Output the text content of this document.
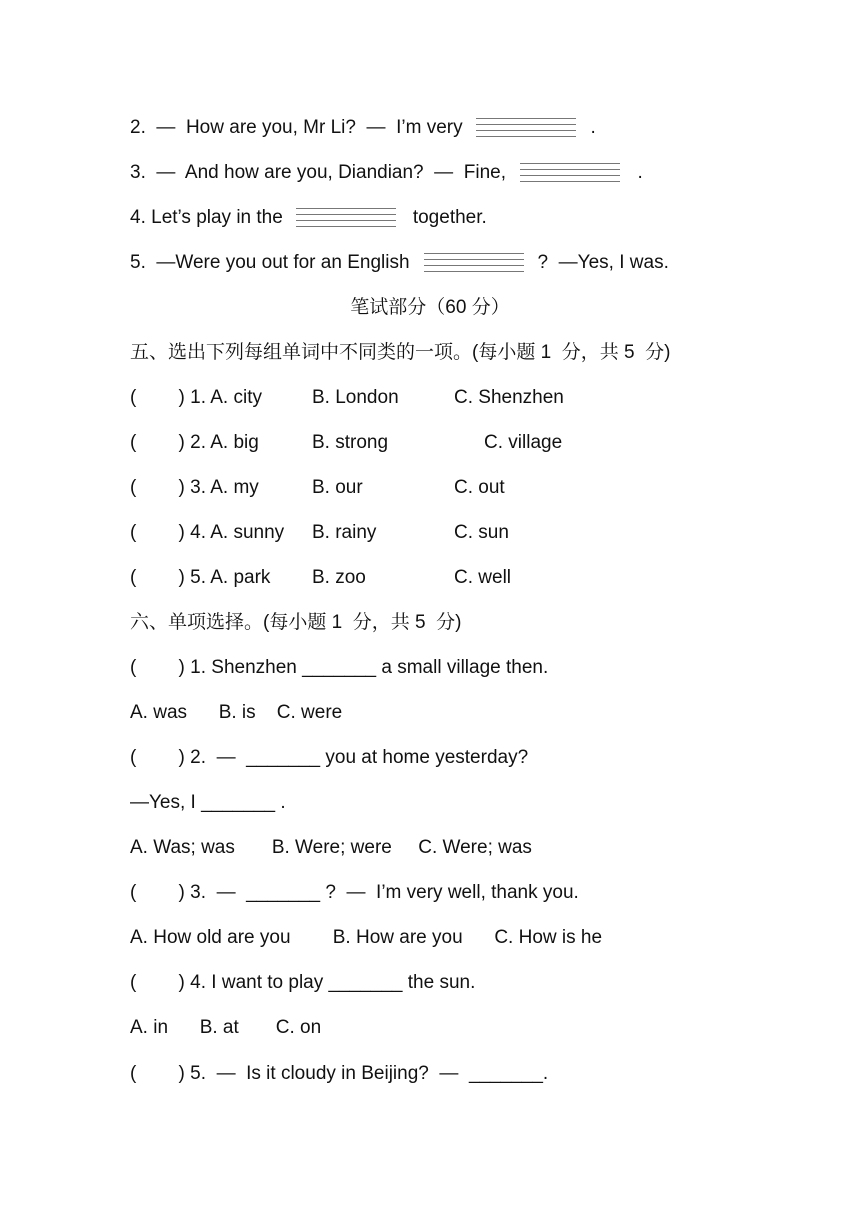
2.  —  How are you, Mr Li?  —  I’m very	.
3.  —  And how are you, Diandian?  —  Fine,	.
4. Let’s play in the	together.
5.  —Were you out for an English	?  —Yes, I was.
笔试部分（60 分）
五、选出下列每组单词中不同类的一项。(每小题 1  分，共 5  分)
(        ) 1. A. city	B. London	C. Shenzhen
(        ) 2. A. big	B. strong	C. village
(        ) 3. A. my	B. our	C. out
(        ) 4. A. sunny B. rainy	C. sun
(        ) 5. A. park B. zoo	C. well
六、单项选择。(每小题 1  分，共 5  分)
(        ) 1. Shenzhen _______ a small village then.
A. was      B. is    C. were
(        ) 2.  —  _______ you at home yesterday?
—Yes, I _______ .
A. Was; was       B. Were; were     C. Were; was
(        ) 3.  —  _______ ?  —  I’m very well, thank you.
A. How old are you        B. How are you      C. How is he
(        ) 4. I want to play _______ the sun.
A. in      B. at       C. on
(        ) 5.  —  Is it cloudy in Beijing?  —  _______.
